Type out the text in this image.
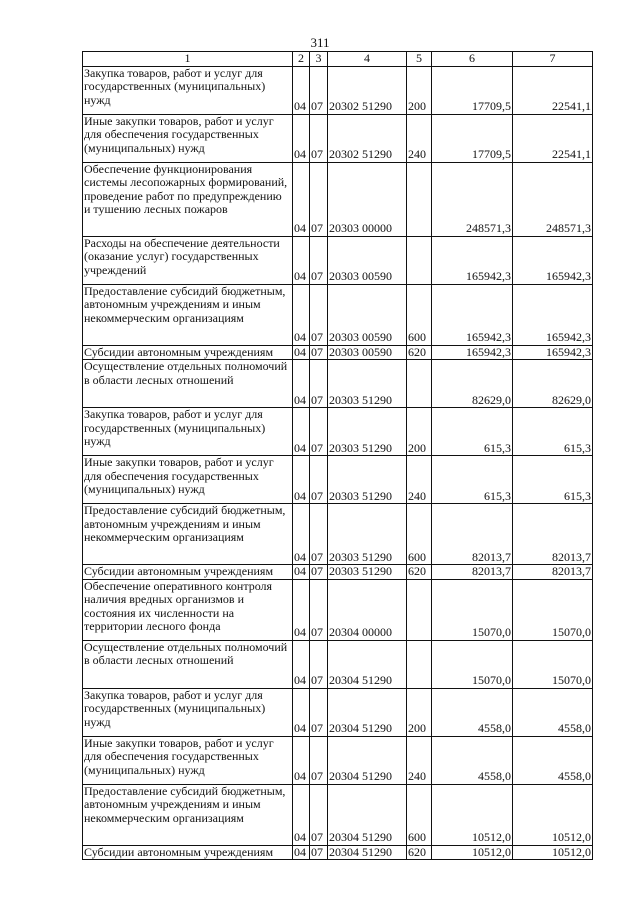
311
1	2	3	4	5	6	7
Закупка товаров, работ и услуг для государственных (муниципальных) нужд	04	07	20302 51290	200	17709,5	22541,1
Иные закупки товаров, работ и услуг для обеспечения государственных (муниципальных) нужд	04	07	20302 51290	240	17709,5	22541,1
Обеспечение функционирования системы лесопожарных формирований, проведение работ по предупреждению и тушению лесных пожаров	04	07	20303 00000		248571,3	248571,3
Расходы на обеспечение деятельности (оказание услуг) государственных учреждений	04	07	20303 00590		165942,3	165942,3
Предоставление субсидий бюджетным, автономным учреждениям и иным некоммерческим организациям	04	07	20303 00590	600	165942,3	165942,3
Субсидии автономным учреждениям	04	07	20303 00590	620	165942,3	165942,3
Осуществление отдельных полномочий в области лесных отношений	04	07	20303 51290		82629,0	82629,0
Закупка товаров, работ и услуг для государственных (муниципальных) нужд	04	07	20303 51290	200	615,3	615,3
Иные закупки товаров, работ и услуг для обеспечения государственных (муниципальных) нужд	04	07	20303 51290	240	615,3	615,3
Предоставление субсидий бюджетным, автономным учреждениям и иным некоммерческим организациям	04	07	20303 51290	600	82013,7	82013,7
Субсидии автономным учреждениям	04	07	20303 51290	620	82013,7	82013,7
Обеспечение оперативного контроля наличия вредных организмов и состояния их численности на территории лесного фонда	04	07	20304 00000		15070,0	15070,0
Осуществление отдельных полномочий в области лесных отношений	04	07	20304 51290		15070,0	15070,0
Закупка товаров, работ и услуг для государственных (муниципальных) нужд	04	07	20304 51290	200	4558,0	4558,0
Иные закупки товаров, работ и услуг для обеспечения государственных (муниципальных) нужд	04	07	20304 51290	240	4558,0	4558,0
Предоставление субсидий бюджетным, автономным учреждениям и иным некоммерческим организациям	04	07	20304 51290	600	10512,0	10512,0
Субсидии автономным учреждениям	04	07	20304 51290	620	10512,0	10512,0
